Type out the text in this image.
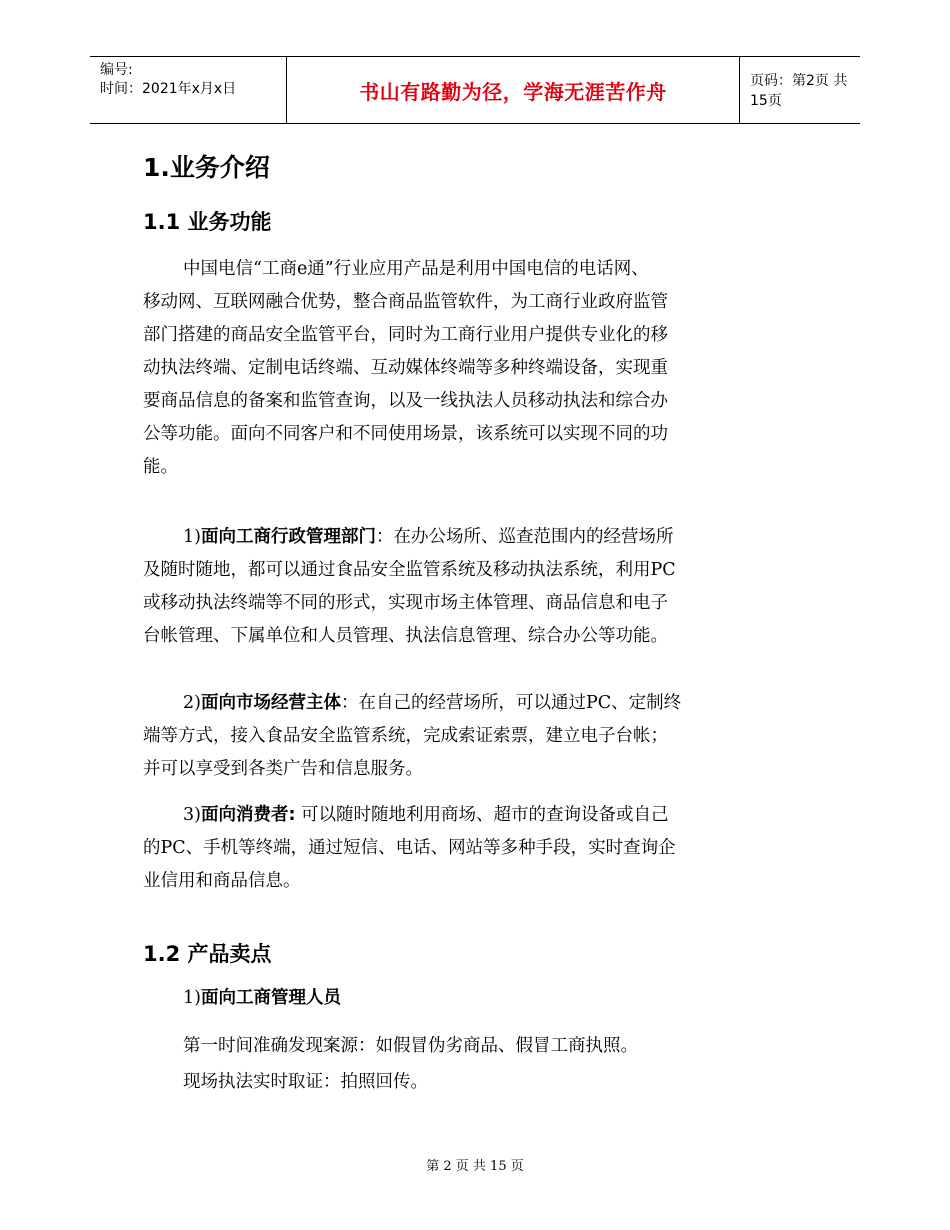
编号:
时间：2021年x月x日	书山有路勤为径，学海无涯苦作舟	页码：第2页 共15页
1.业务介绍
1.1 业务功能
中国电信“工商e通”行业应用产品是利用中国电信的电话网、
移动网、互联网融合优势，整合商品监管软件，为工商行业政府监管
部门搭建的商品安全监管平台，同时为工商行业用户提供专业化的移
动执法终端、定制电话终端、互动媒体终端等多种终端设备，实现重
要商品信息的备案和监管查询，以及一线执法人员移动执法和综合办
公等功能。面向不同客户和不同使用场景，该系统可以实现不同的功
能。
1)面向工商行政管理部门：在办公场所、巡查范围内的经营场所
及随时随地，都可以通过食品安全监管系统及移动执法系统，利用PC
或移动执法终端等不同的形式，实现市场主体管理、商品信息和电子
台帐管理、下属单位和人员管理、执法信息管理、综合办公等功能。
2)面向市场经营主体：在自己的经营场所，可以通过PC、定制终
端等方式，接入食品安全监管系统，完成索证索票，建立电子台帐；
并可以享受到各类广告和信息服务。
3)面向消费者: 可以随时随地利用商场、超市的查询设备或自己
的PC、手机等终端，通过短信、电话、网站等多种手段，实时查询企
业信用和商品信息。
1.2 产品卖点
1)面向工商管理人员
第一时间准确发现案源：如假冒伪劣商品、假冒工商执照。
现场执法实时取证：拍照回传。
第 2 页 共 15 页
